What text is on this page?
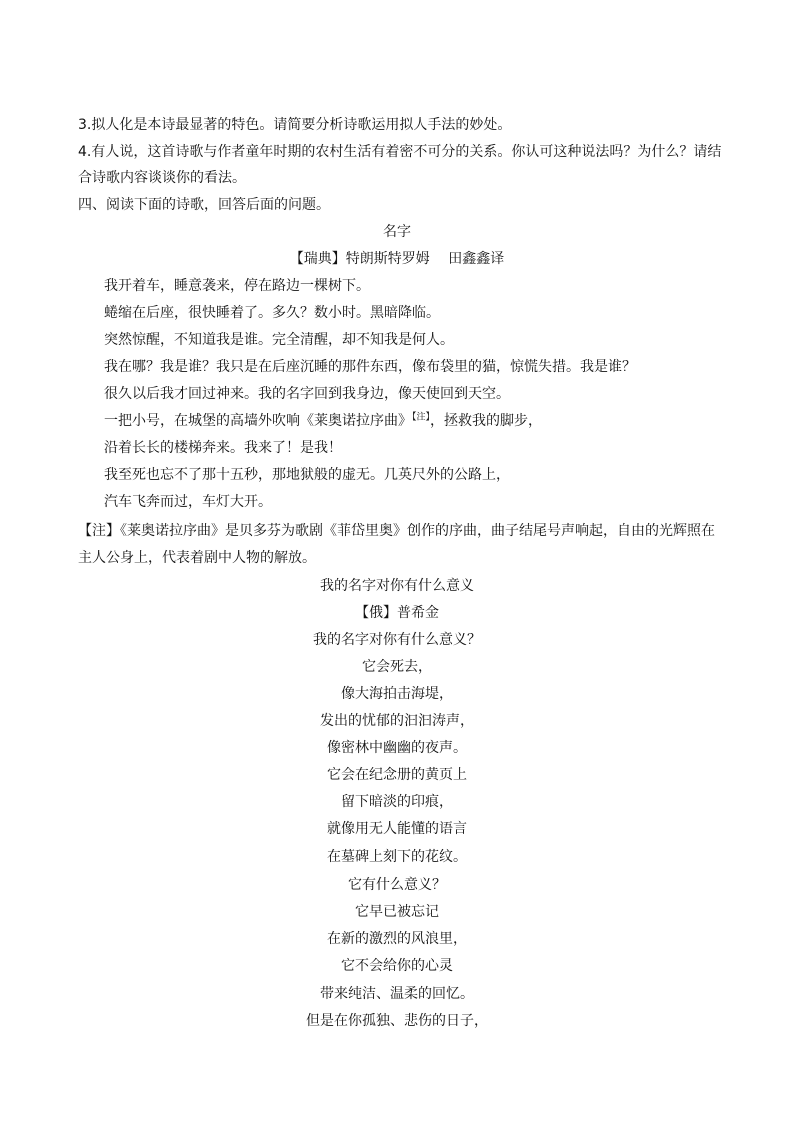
3.拟人化是本诗最显著的特色。请简要分析诗歌运用拟人手法的妙处。
4.有人说，这首诗歌与作者童年时期的农村生活有着密不可分的关系。你认可这种说法吗？为什么？请结
合诗歌内容谈谈你的看法。
四、阅读下面的诗歌，回答后面的问题。
名字
【瑞典】特朗斯特罗姆　 田鑫鑫译
我开着车，睡意袭来，停在路边一棵树下。
蜷缩在后座，很快睡着了。多久？数小时。黑暗降临。
突然惊醒，不知道我是谁。完全清醒，却不知我是何人。
我在哪？我是谁？我只是在后座沉睡的那件东西，像布袋里的猫，惊慌失措。我是谁？
很久以后我才回过神来。我的名字回到我身边，像天使回到天空。
一把小号，在城堡的高墙外吹响《莱奥诺拉序曲》$^{【注】}$，拯救我的脚步，
沿着长长的楼梯奔来。我来了！是我！
我至死也忘不了那十五秒，那地狱般的虚无。几英尺外的公路上，
汽车飞奔而过，车灯大开。
【注】《莱奥诺拉序曲》是贝多芬为歌剧《菲岱里奥》创作的序曲，曲子结尾号声响起，自由的光辉照在
主人公身上，代表着剧中人物的解放。
我的名字对你有什么意义
【俄】普希金
我的名字对你有什么意义？
它会死去，
像大海拍击海堤，
发出的忧郁的汩汩涛声，
像密林中幽幽的夜声。
它会在纪念册的黄页上
留下暗淡的印痕，
就像用无人能懂的语言
在墓碑上刻下的花纹。
它有什么意义？
它早已被忘记
在新的激烈的风浪里，
它不会给你的心灵
带来纯洁、温柔的回忆。
但是在你孤独、悲伤的日子，
